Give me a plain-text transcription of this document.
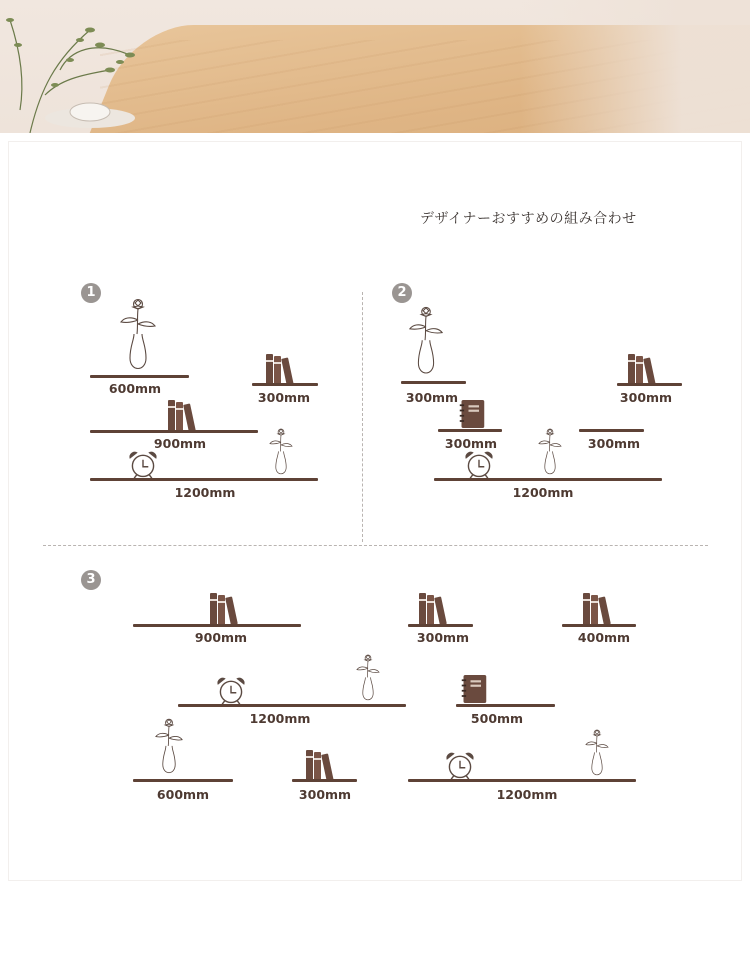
デザイナーおすすめの組み合わせ
1
600mm
300mm
900mm
1200mm
2
300mm	300mm
300mm	300mm
1200mm
3
900mm	300mm	400mm
1200mm	500mm
600mm	300mm	1200mm
